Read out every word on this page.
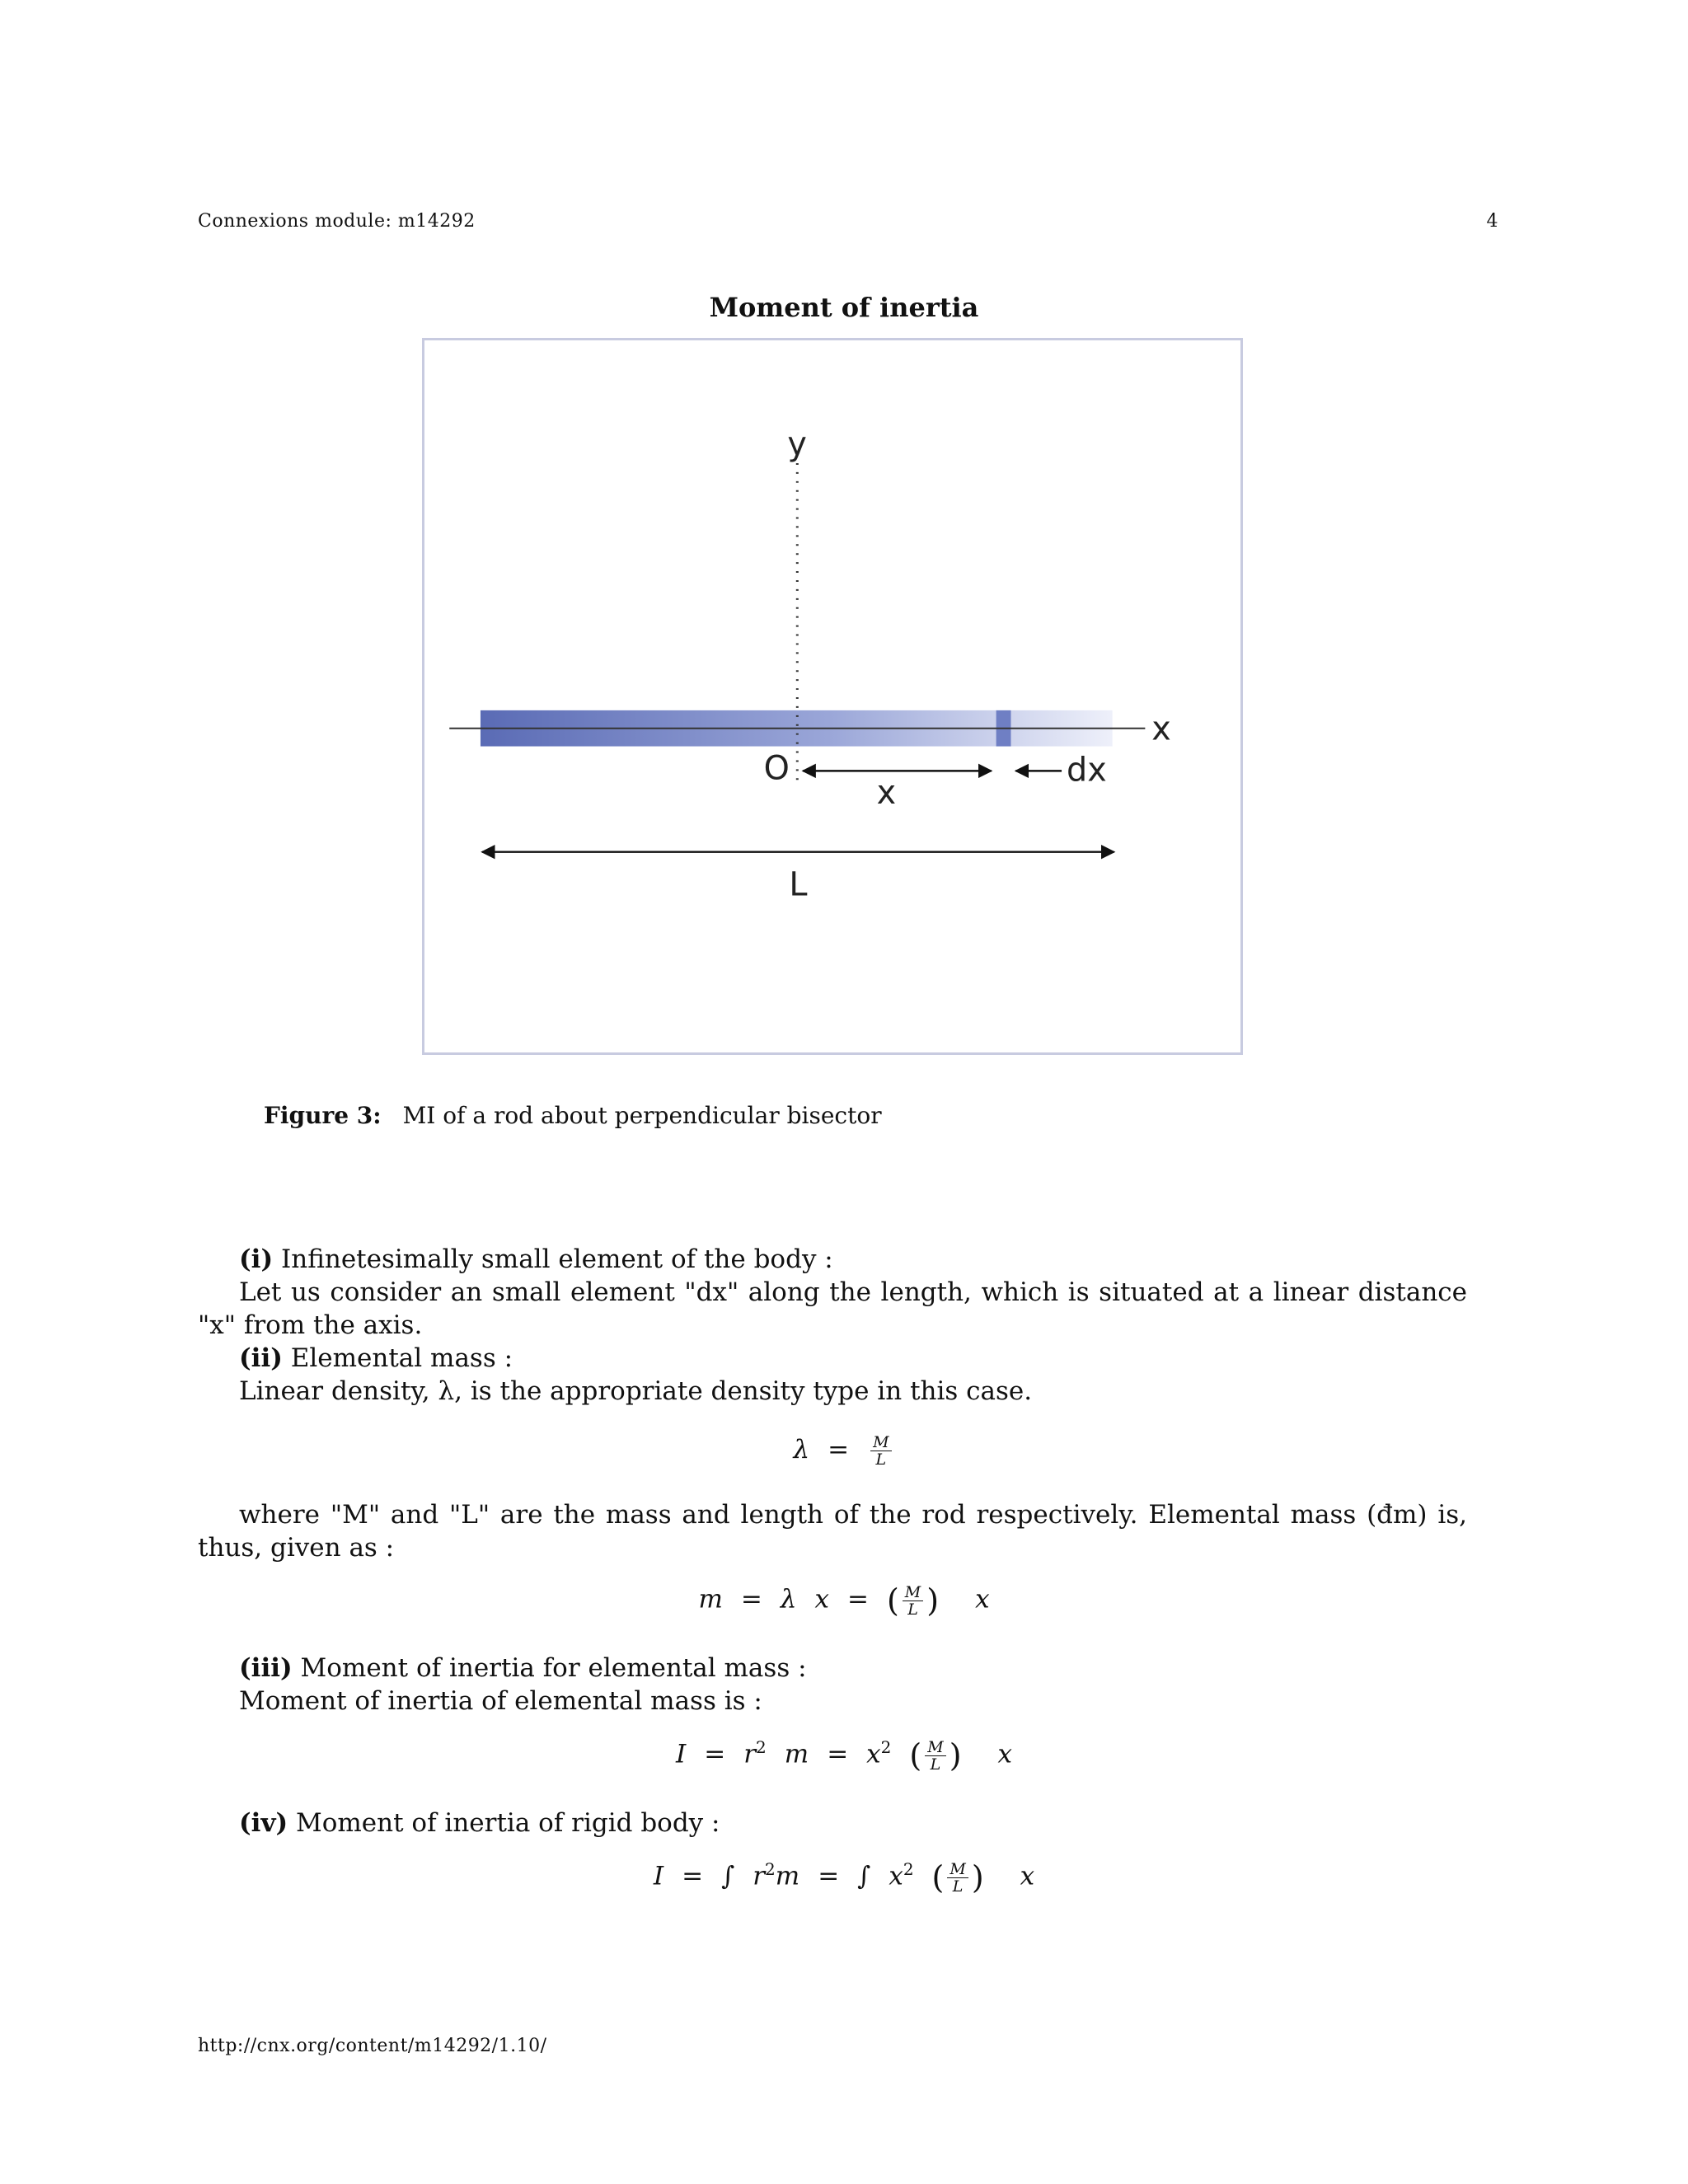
Connexions module: m14292	4
Moment of inertia
y
x
O
x
dx
L
Figure 3: MI of a rod about perpendicular bisector
(i) Infinetesimally small element of the body :
Let us consider an small element "dx" along the length, which is situated at a linear distance "x" from the axis.
(ii) Elemental mass :
Linear density, λ, is the appropriate density type in this case.
$\lambda = \frac{M}{L}$
where "M" and "L" are the mass and length of the rod respectively. Elemental mass (đm) is, thus, given as :
m = λ x = ( $\frac{M}{L}$ ) x
(iii) Moment of inertia for elemental mass :
Moment of inertia of elemental mass is :
$I = r^2$ $m = x^2$ ( $\frac{M}{L}$ ) x
(iv) Moment of inertia of rigid body :
I = ∫ $r^2m$ = ∫ $x^2$ ( $\frac{M}{L}$ ) x
http://cnx.org/content/m14292/1.10/
